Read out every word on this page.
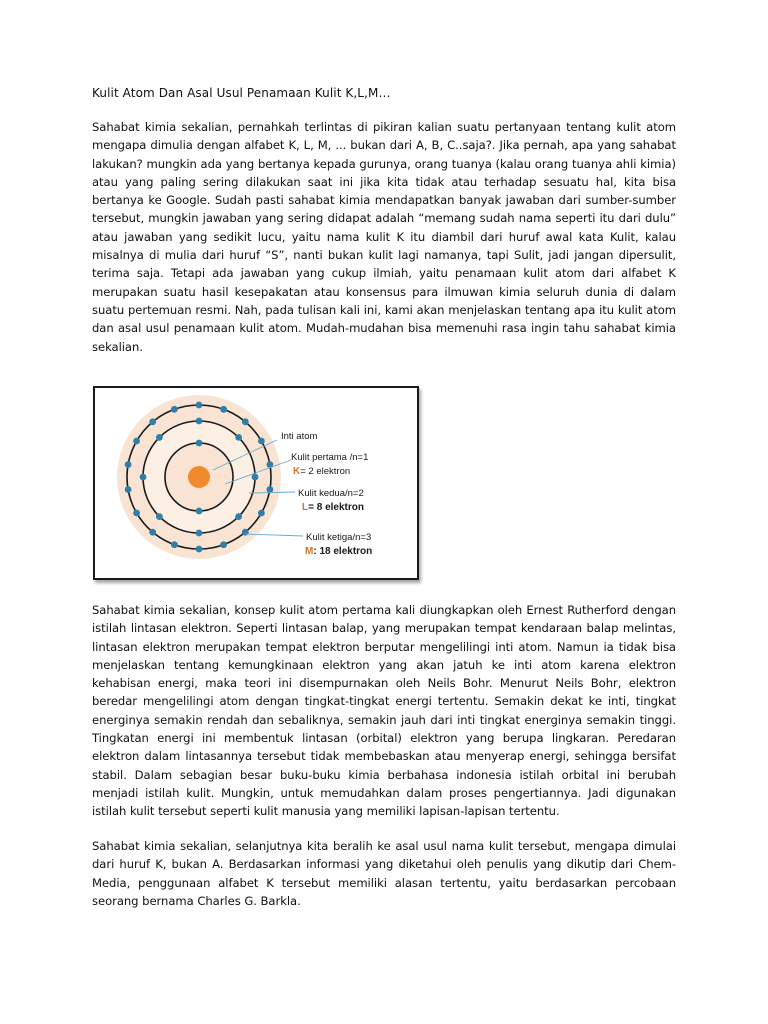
Kulit Atom Dan Asal Usul Penamaan Kulit K,L,M…

Sahabat kimia sekalian, pernahkah terlintas di pikiran kalian suatu pertanyaan tentang kulit atom mengapa dimulia dengan alfabet K, L, M, ... bukan dari A, B, C..saja?. Jika pernah, apa yang sahabat lakukan? mungkin ada yang bertanya kepada gurunya, orang tuanya (kalau orang tuanya ahli kimia) atau yang paling sering dilakukan saat ini jika kita tidak atau terhadap sesuatu hal, kita bisa bertanya ke Google. Sudah pasti sahabat kimia mendapatkan banyak jawaban dari sumber-sumber tersebut, mungkin jawaban yang sering didapat adalah “memang sudah nama seperti itu dari dulu” atau jawaban yang sedikit lucu, yaitu nama kulit K itu diambil dari huruf awal kata Kulit, kalau misalnya di mulia dari huruf “S”, nanti bukan kulit lagi namanya, tapi Sulit, jadi jangan dipersulit, terima saja. Tetapi ada jawaban yang cukup ilmiah, yaitu penamaan kulit atom dari alfabet K merupakan suatu hasil kesepakatan atau konsensus para ilmuwan kimia seluruh dunia di dalam suatu pertemuan resmi. Nah, pada tulisan kali ini, kami akan menjelaskan tentang apa itu kulit atom dan asal usul penamaan kulit atom. Mudah-mudahan bisa memenuhi rasa ingin tahu sahabat kimia sekalian.

Inti atom
Kulit pertama /n=1
K= 2 elektron
Kulit kedua/n=2
L= 8 elektron
Kulit ketiga/n=3
M: 18 elektron

Sahabat kimia sekalian, konsep kulit atom pertama kali diungkapkan oleh Ernest Rutherford dengan istilah lintasan elektron. Seperti lintasan balap, yang merupakan tempat kendaraan balap melintas, lintasan elektron merupakan tempat elektron berputar mengelilingi inti atom. Namun ia tidak bisa menjelaskan tentang kemungkinaan elektron yang akan jatuh ke inti atom karena elektron kehabisan energi, maka teori ini disempurnakan oleh Neils Bohr. Menurut Neils Bohr, elektron beredar mengelilingi atom dengan tingkat-tingkat energi tertentu. Semakin dekat ke inti, tingkat energinya semakin rendah dan sebaliknya, semakin jauh dari inti tingkat energinya semakin tinggi. Tingkatan energi ini membentuk lintasan (orbital) elektron yang berupa lingkaran. Peredaran elektron dalam lintasannya tersebut tidak membebaskan atau menyerap energi, sehingga bersifat stabil. Dalam sebagian besar buku-buku kimia berbahasa indonesia istilah orbital ini berubah menjadi istilah kulit. Mungkin, untuk memudahkan dalam proses pengertiannya. Jadi digunakan istilah kulit tersebut seperti kulit manusia yang memiliki lapisan-lapisan tertentu.

Sahabat kimia sekalian, selanjutnya kita beralih ke asal usul nama kulit tersebut, mengapa dimulai dari huruf K, bukan A. Berdasarkan informasi yang diketahui oleh penulis yang dikutip dari Chem-Media, penggunaan alfabet K tersebut memiliki alasan tertentu, yaitu berdasarkan percobaan seorang bernama Charles G. Barkla.
